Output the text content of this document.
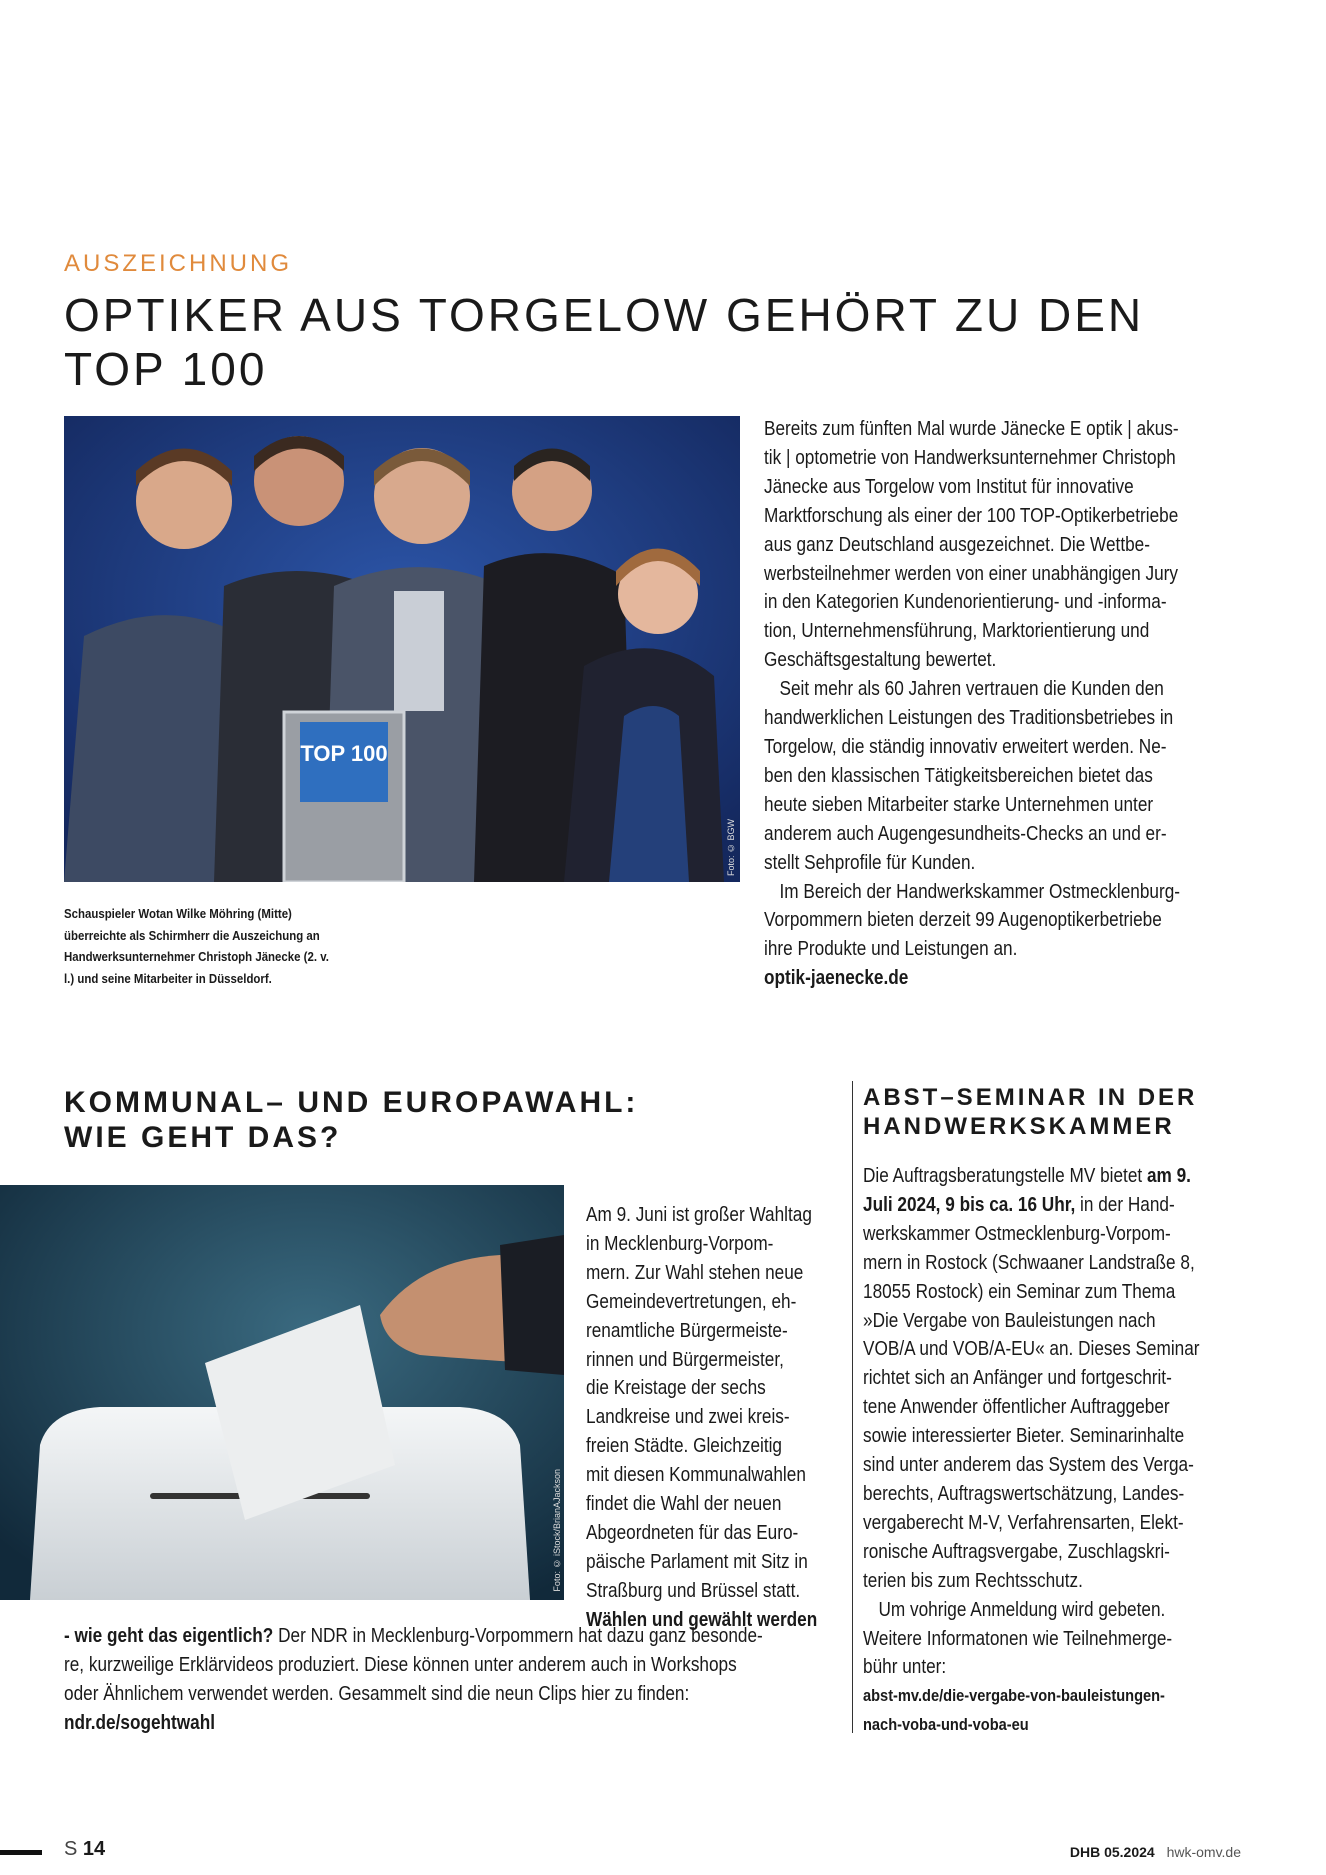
AUSZEICHNUNG
OPTIKER AUS TORGELOW GEHÖRT ZU DEN
TOP 100
TOP 100
Foto: © BGW
Schauspieler Wotan Wilke Möhring (Mitte)
überreichte als Schirmherr die Auszeichung an
Handwerksunternehmer Christoph Jänecke (2. v.
l.) und seine Mitarbeiter in Düsseldorf.
Bereits zum fünften Mal wurde Jänecke E optik | akus-
tik | optometrie von Handwerksunternehmer Christoph
Jänecke aus Torgelow vom Institut für innovative
Marktforschung als einer der 100 TOP-Optikerbetriebe
aus ganz Deutschland ausgezeichnet. Die Wettbe-
werbsteilnehmer werden von einer unabhängigen Jury
in den Kategorien Kundenorientierung- und -informa-
tion, Unternehmensführung, Marktorientierung und
Geschäftsgestaltung bewertet.
Seit mehr als 60 Jahren vertrauen die Kunden den
handwerklichen Leistungen des Traditionsbetriebes in
Torgelow, die ständig innovativ erweitert werden. Ne-
ben den klassischen Tätigkeitsbereichen bietet das
heute sieben Mitarbeiter starke Unternehmen unter
anderem auch Augengesundheits-Checks an und er-
stellt Sehprofile für Kunden.
Im Bereich der Handwerkskammer Ostmecklenburg-
Vorpommern bieten derzeit 99 Augenoptikerbetriebe
ihre Produkte und Leistungen an.
optik-jaenecke.de
KOMMUNAL– UND EUROPAWAHL:
WIE GEHT DAS?
Foto: © iStock/BrianAJackson
Am 9. Juni ist großer Wahltag
in Mecklenburg-Vorpom-
mern. Zur Wahl stehen neue
Gemeindevertretungen, eh-
renamtliche Bürgermeiste-
rinnen und Bürgermeister,
die Kreistage der sechs
Landkreise und zwei kreis-
freien Städte. Gleichzeitig
mit diesen Kommunalwahlen
findet die Wahl der neuen
Abgeordneten für das Euro-
päische Parlament mit Sitz in
Straßburg und Brüssel statt.
Wählen und gewählt werden
- wie geht das eigentlich? Der NDR in Mecklenburg-Vorpommern hat dazu ganz besonde-
re, kurzweilige Erklärvideos produziert. Diese können unter anderem auch in Workshops
oder Ähnlichem verwendet werden. Gesammelt sind die neun Clips hier zu finden:
ndr.de/sogehtwahl
ABST–SEMINAR IN DER
HANDWERKSKAMMER
Die Auftragsberatungstelle MV bietet am 9.
Juli 2024, 9 bis ca. 16 Uhr, in der Hand-
werkskammer Ostmecklenburg-Vorpom-
mern in Rostock (Schwaaner Landstraße 8,
18055 Rostock) ein Seminar zum Thema
»Die Vergabe von Bauleistungen nach
VOB/A und VOB/A-EU« an. Dieses Seminar
richtet sich an Anfänger und fortgeschrit-
tene Anwender öffentlicher Auftraggeber
sowie interessierter Bieter. Seminarinhalte
sind unter anderem das System des Verga-
berechts, Auftragswertschätzung, Landes-
vergaberecht M-V, Verfahrensarten, Elekt-
ronische Auftragsvergabe, Zuschlagskri-
terien bis zum Rechtsschutz.
Um vohrige Anmeldung wird gebeten.
Weitere Informatonen wie Teilnehmerge-
bühr unter:
abst-mv.de/die-vergabe-von-bauleistungen-
nach-voba-und-voba-eu
S 14	DHB 05.2024 hwk-omv.de
